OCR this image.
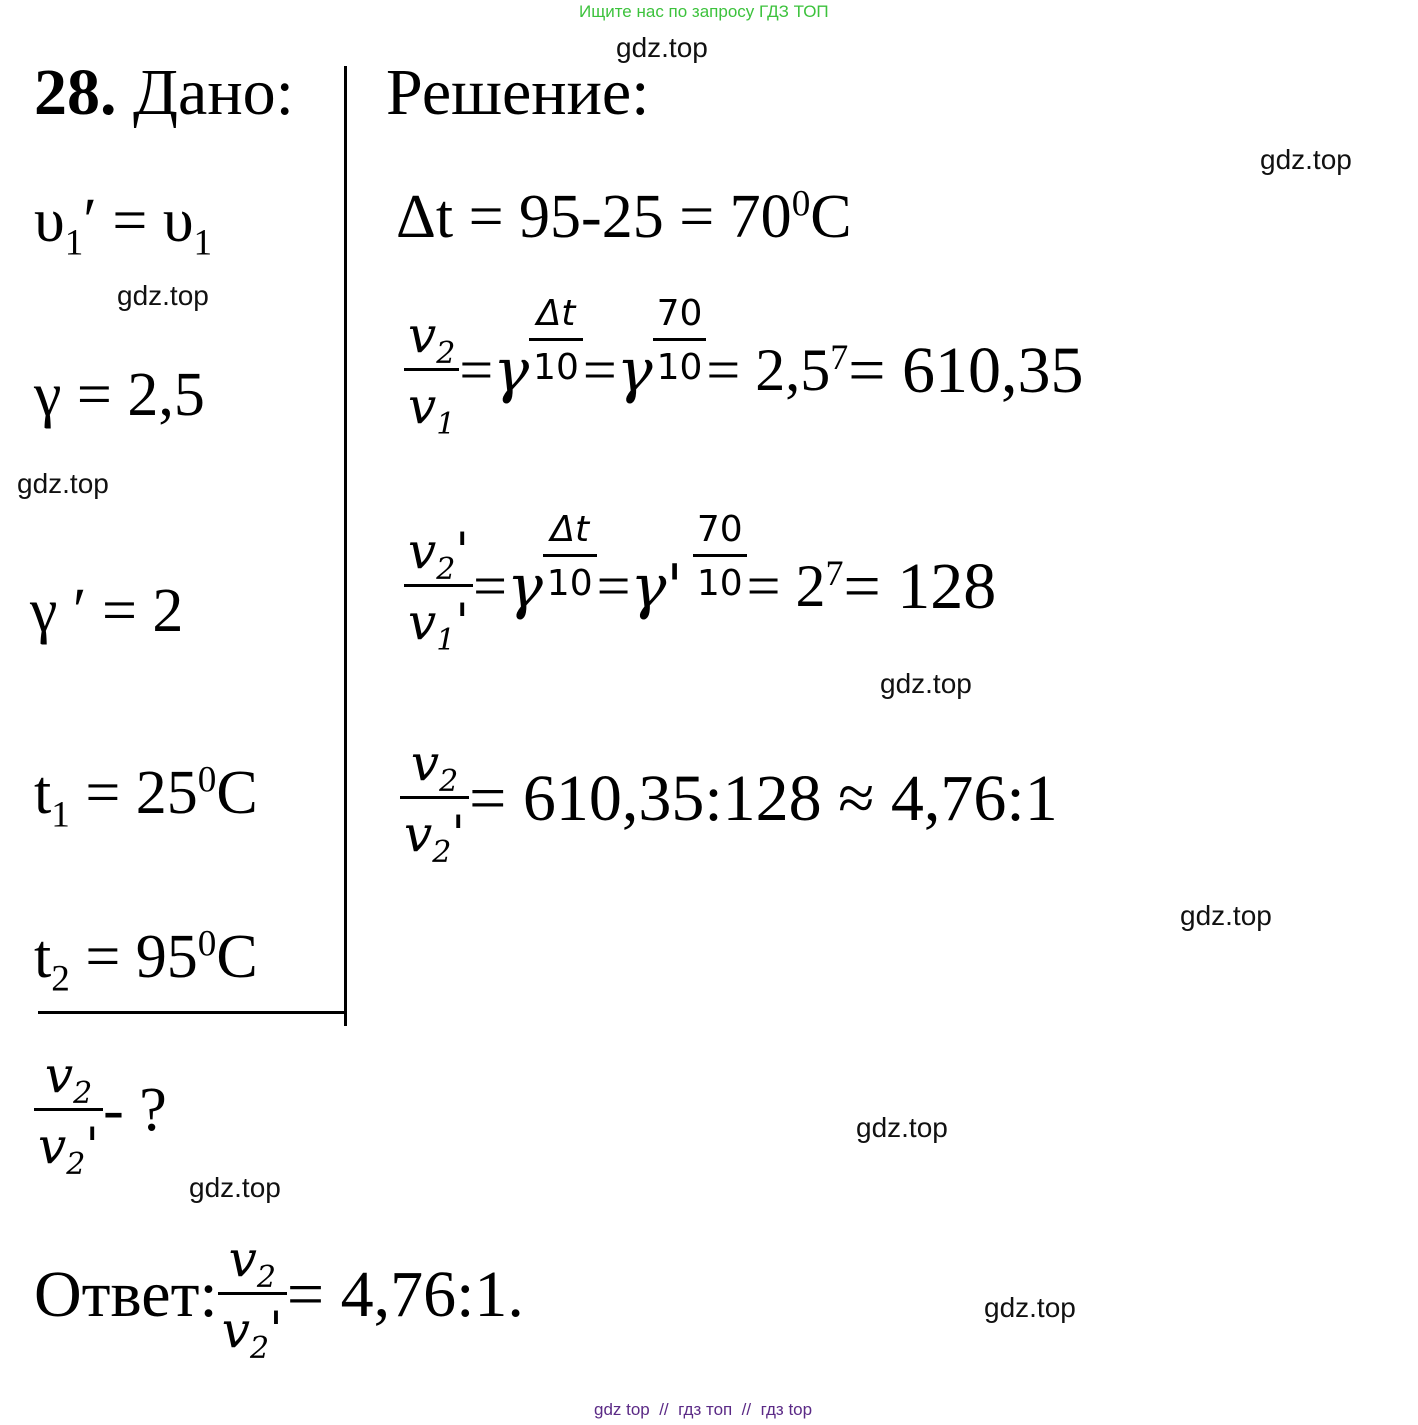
Ищите нас по запросу ГДЗ ТОП
gdz.top
gdz.top
gdz.top
gdz.top
gdz.top
gdz.top
gdz.top
gdz.top
gdz.top
28. Дано: Решение:
$\upsilon_1' = \upsilon_1$
γ = 2,5
γ ′ = 2
$t_1 = 25^0C$
$t_2 = 95^0C$
$\frac{v_2}{v_2'}$ - ?
$\Delta t = 95-25 = 70^0C$
$\frac{v_2}{v_1} = \gamma \frac{\Delta t}{10} = \gamma \frac{70}{10} = 2,5^7 = 610,35$
$\frac{v_2'}{v_1'} = \gamma \frac{\Delta t}{10} = \gamma' \frac{70}{10} = 2^7 = 128$
$\frac{v_2}{v_2'}$ = 610,35:128 ≈ 4,76:1
Ответ: $\frac{v_2}{v_2'}$ = 4,76:1.
gdz top  //  гдз топ  //  гдз top
